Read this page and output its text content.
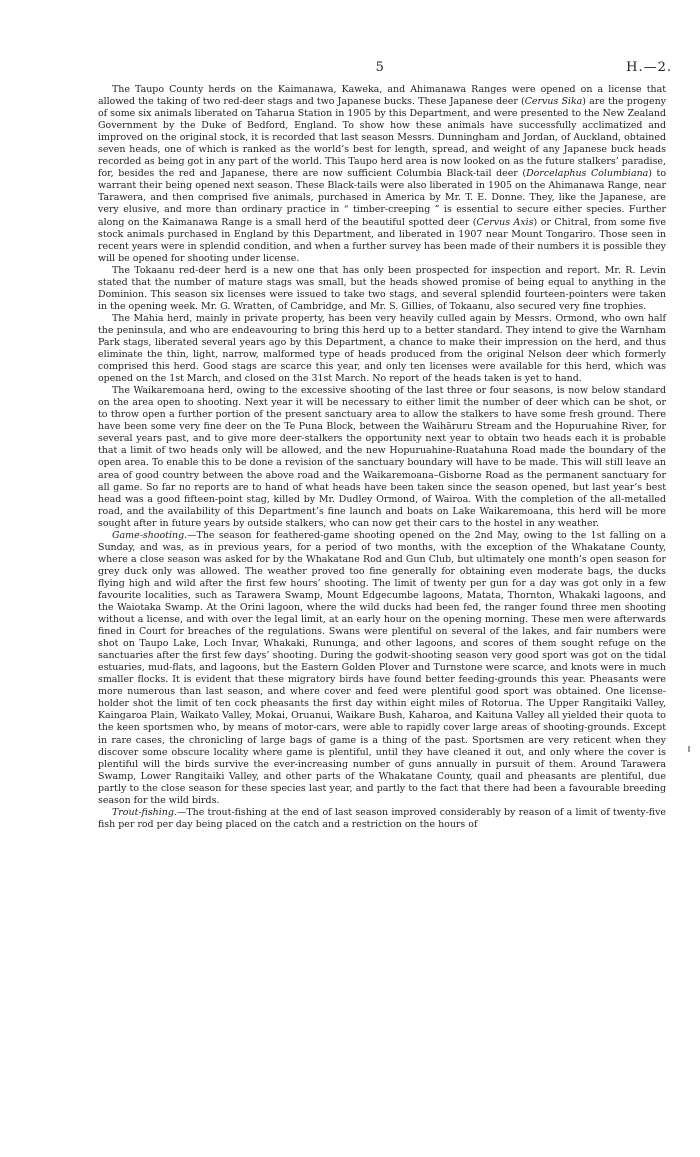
5	H.—2.

The Taupo County herds on the Kaimanawa, Kaweka, and Ahimanawa Ranges were opened on a license that allowed the taking of two red-deer stags and two Japanese bucks. These Japanese deer (Cervus Sika) are the progeny of some six animals liberated on Taharua Station in 1905 by this Department, and were presented to the New Zealand Government by the Duke of Bedford, England. To show how these animals have successfully acclimatized and improved on the original stock, it is recorded that last season Messrs. Dunningham and Jordan, of Auckland, obtained seven heads, one of which is ranked as the world’s best for length, spread, and weight of any Japanese buck heads recorded as being got in any part of the world. This Taupo herd area is now looked on as the future stalkers’ paradise, for, besides the red and Japanese, there are now sufficient Columbia Black-tail deer (Dorcelaphus Columbiana) to warrant their being opened next season. These Black-tails were also liberated in 1905 on the Ahimanawa Range, near Tarawera, and then comprised five animals, purchased in America by Mr. T. E. Donne. They, like the Japanese, are very elusive, and more than ordinary practice in “ timber-creeping ” is essential to secure either species. Further along on the Kaimanawa Range is a small herd of the beautiful spotted deer (Cervus Axis) or Chitral, from some five stock animals purchased in England by this Department, and liberated in 1907 near Mount Tongariro. Those seen in recent years were in splendid condition, and when a further survey has been made of their numbers it is possible they will be opened for shooting under license.

The Tokaanu red-deer herd is a new one that has only been prospected for inspection and report. Mr. R. Levin stated that the number of mature stags was small, but the heads showed promise of being equal to anything in the Dominion. This season six licenses were issued to take two stags, and several splendid fourteen-pointers were taken in the opening week. Mr. G. Wratten, of Cambridge, and Mr. S. Gillies, of Tokaanu, also secured very fine trophies.

The Mahia herd, mainly in private property, has been very heavily culled again by Messrs. Ormond, who own half the peninsula, and who are endeavouring to bring this herd up to a better standard. They intend to give the Warnham Park stags, liberated several years ago by this Department, a chance to make their impression on the herd, and thus eliminate the thin, light, narrow, malformed type of heads produced from the original Nelson deer which formerly comprised this herd. Good stags are scarce this year, and only ten licenses were available for this herd, which was opened on the 1st March, and closed on the 31st March. No report of the heads taken is yet to hand.

The Waikaremoana herd, owing to the excessive shooting of the last three or four seasons, is now below standard on the area open to shooting. Next year it will be necessary to either limit the number of deer which can be shot, or to throw open a further portion of the present sanctuary area to allow the stalkers to have some fresh ground. There have been some very fine deer on the Te Puna Block, between the Waihāruru Stream and the Hopuruahine River, for several years past, and to give more deer-stalkers the opportunity next year to obtain two heads each it is probable that a limit of two heads only will be allowed, and the new Hopuruahine-Ruatahuna Road made the boundary of the open area. To enable this to be done a revision of the sanctuary boundary will have to be made. This will still leave an area of good country between the above road and the Waikaremoana–Gisborne Road as the permanent sanctuary for all game. So far no reports are to hand of what heads have been taken since the season opened, but last year’s best head was a good fifteen-point stag, killed by Mr. Dudley Ormond, of Wairoa. With the completion of the all-metalled road, and the availability of this Department’s fine launch and boats on Lake Waikaremoana, this herd will be more sought after in future years by outside stalkers, who can now get their cars to the hostel in any weather.

Game-shooting.—The season for feathered-game shooting opened on the 2nd May, owing to the 1st falling on a Sunday, and was, as in previous years, for a period of two months, with the exception of the Whakatane County, where a close season was asked for by the Whakatane Rod and Gun Club, but ultimately one month’s open season for grey duck only was allowed. The weather proved too fine generally for obtaining even moderate bags, the ducks flying high and wild after the first few hours’ shooting. The limit of twenty per gun for a day was got only in a few favourite localities, such as Tarawera Swamp, Mount Edgecumbe lagoons, Matata, Thornton, Whakaki lagoons, and the Waiotaka Swamp. At the Orini lagoon, where the wild ducks had been fed, the ranger found three men shooting without a license, and with over the legal limit, at an early hour on the opening morning. These men were afterwards fined in Court for breaches of the regulations. Swans were plentiful on several of the lakes, and fair numbers were shot on Taupo Lake, Loch Invar, Whakaki, Rununga, and other lagoons, and scores of them sought refuge on the sanctuaries after the first few days’ shooting. During the godwit-shooting season very good sport was got on the tidal estuaries, mud-flats, and lagoons, but the Eastern Golden Plover and Turnstone were scarce, and knots were in much smaller flocks. It is evident that these migratory birds have found better feeding-grounds this year. Pheasants were more numerous than last season, and where cover and feed were plentiful good sport was obtained. One license-holder shot the limit of ten cock pheasants the first day within eight miles of Rotorua. The Upper Rangitaiki Valley, Kaingaroa Plain, Waikato Valley, Mokai, Oruanui, Waikare Bush, Kaharoa, and Kaituna Valley all yielded their quota to the keen sportsmen who, by means of motor-cars, were able to rapidly cover large areas of shooting-grounds. Except in rare cases, the chronicling of large bags of game is a thing of the past. Sportsmen are very reticent when they discover some obscure locality where game is plentiful, until they have cleaned it out, and only where the cover is plentiful will the birds survive the ever-increasing number of guns annually in pursuit of them. Around Tarawera Swamp, Lower Rangitaiki Valley, and other parts of the Whakatane County, quail and pheasants are plentiful, due partly to the close season for these species last year, and partly to the fact that there had been a favourable breeding season for the wild birds.

Trout-fishing.—The trout-fishing at the end of last season improved considerably by reason of a limit of twenty-five fish per rod per day being placed on the catch and a restriction on the hours of
